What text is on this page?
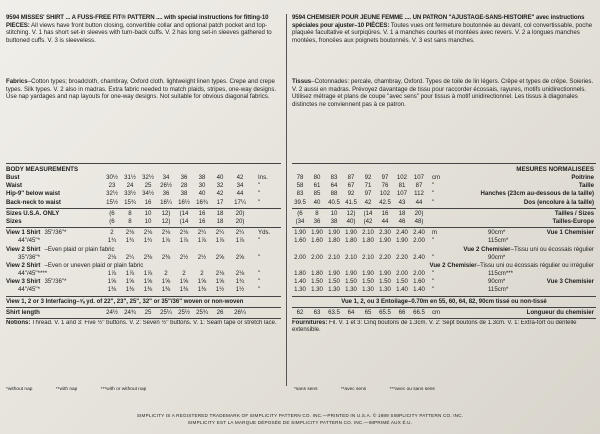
9594 MISSES' SHIRT ... A FUSS-FREE FIT® PATTERN .... with special instructions for fitting-10 PIECES: All views have front button closing, convertible collar and optional patch pocket and top-stitching. V. 1 has short set-in sleeves with turn-back cuffs. V. 2 has long set-in sleeves gathered to buttoned cuffs. V. 3 is sleeveless.
Fabrics–Cotton types; broadcloth, chambray, Oxford cloth. lightweight linen types. Crepe and crepe types. Silk types. V. 2 also in madras. Extra fabric needed to match plaids, stripes, one-way designs. Use nap yardages and nap layouts for one-way designs. Not suitable for obvious diagonal fabrics.
BODY MEASUREMENTS
Bust	30½	31½	32½	34	36	38	40	42	Ins.
Waist	23	24	25	26½	28	30	32	34	"
Hip-9" below waist	32½	33½	34½	36	38	40	42	44	"
Back-neck to waist	15½	15¾	16	16¼	16½	16¾	17	17¼	"
Sizes U.S.A. ONLY	(6	8	10	12)	(14	16	18	20)
Sizes	(6	8	10	12)	(14	16	18	20)
View 1 Shirt 35"/36"*	2	2⅛	2⅛	2⅛	2⅛	2¼	2¼	2¼	Yds.
44"/45"*	1¾	1¾	1¾	1⅞	1⅞	1⅞	1⅞	1⅞	"
View 2 Shirt –Even plaid or plain fabric
35"/36"*	2⅛	2¼	2⅜	2⅜	2½	2½	2⅝	2⅝	"
View 2 Shirt –Even or uneven plaid or plain fabric
44"/45"****	1⅞	1⅞	1⅞	2	2	2	2⅛	2⅛	"
View 3 Shirt 35"/36"*	1⅝	1⅝	1⅝	1⅝	1⅝	1⅝	1⅝	1¾	"
44"/45"*	1⅜	1⅜	1⅜	1⅜	1⅜	1⅜	1½	1½	"
View 1, 2 or 3 Interfacing–⅝ yd. of 22", 23", 25", 32" or 35"/36" woven or non-woven
Shirt length	24½	24¾	25	25¼	25½	25¾	26	26¼
Notions: Thread. V. 1 and 3: Five ½" buttons. V. 2: Seven ½" buttons. V. 1: Seam tape or stretch lace.
9594 CHEMISIER POUR JEUNE FEMME .... UN PATRON "AJUSTAGE-SANS-HISTOIRE" avec instructions spéciales pour ajuster–10 PIÈCES: Toutes vues ont fermeture boutonnée au devant, col convertissable, poche plaquée facultative et surpiqûres. V. 1 a manches courtes et montées avec revers. V. 2 a longues manches montées, froncées aux poignets boutonnés. V. 3 est sans manches.
Tissus–Cotonnades: percale, chambray, Oxford. Types de toile de lin légers. Crêpe et types de crêpe. Soieries. V. 2 aussi en madras. Prévoyez davantage de tissu pour raccorder écossais, rayures, motifs unidirectionnels. Utilisez métrage et plans de coupe "avec sens" pour tissus à motif unidirectionnel. Les tissus à diagonales distinctes ne conviennent pas à ce patron.
MESURES NORMALISEES
78	80	83	87	92	97	102	107	cm	Poitrine
58	61	64	67	71	76	81	87	"	Taille
83	85	88	92	97	102	107	112	"	Hanches (23cm au-dessous de la taille)
39.5	40	40.5 41.5	42	42.5	43	44	"	Dos (encolure à la taille)
(6	8	10	12)	(14	16	18	20)	Tailles / Sizes
(34	36	38	40)	(42	44	46	48)	Tailles-Europe
1.90 1.90 1.90 1.90 2.10 2.30 2.40 2.40	m	90cm*	Vue 1 Chemisier
1.60 1.60 1.80 1.80 1.80 1.90 1.90 2.00	"	115cm*
Vue 2 Chemisier–Tissu uni ou écossais régulier
2.00 2.00 2.10 2.10 2.10 2.20 2.20 2.40	"	90cm*
Vue 2 Chemisier–Tissu uni ou écossais régulier ou irrégulier
1.80 1.80 1.90 1.90 1.90 1.90 2.00 2.00	"	115cm***
1.40 1.50 1.50 1.50 1.50 1.50 1.50 1.60	"	90cm*	Vue 3 Chemisier
1.30 1.30 1.30 1.30 1.30 1.30 1.40 1.40	"	115cm*
Vue 1, 2, ou 3 Entoilage–0.70m en 55, 60, 64, 82, 90cm tissé ou non-tissé
62	63	63.5	64	65	65.5	66	66.5	cm	Longueur du chemisier
Fournitures: Fil. V. 1 et 3: Cinq boutons de 1.3cm. V. 2: Sept boutons de 1.3cm. V. 1: Extra-fort ou dentelle extensible.
*without nap	**with nap	***with or without nap	*sans sens	**avec sens	***avec ou sans sens
SIMPLICITY IS A REGISTERED TRADEMARK OF SIMPLICITY PATTERN CO. INC.—PRINTED IN U.S.A. © 1989 SIMPLICITY PATTERN CO. INC.
SIMPLICITY EST LA MARQUE DÉPOSÉE DE SIMPLICITY PATTERN CO. INC.—IMPRIMÉ AUX É.U.
